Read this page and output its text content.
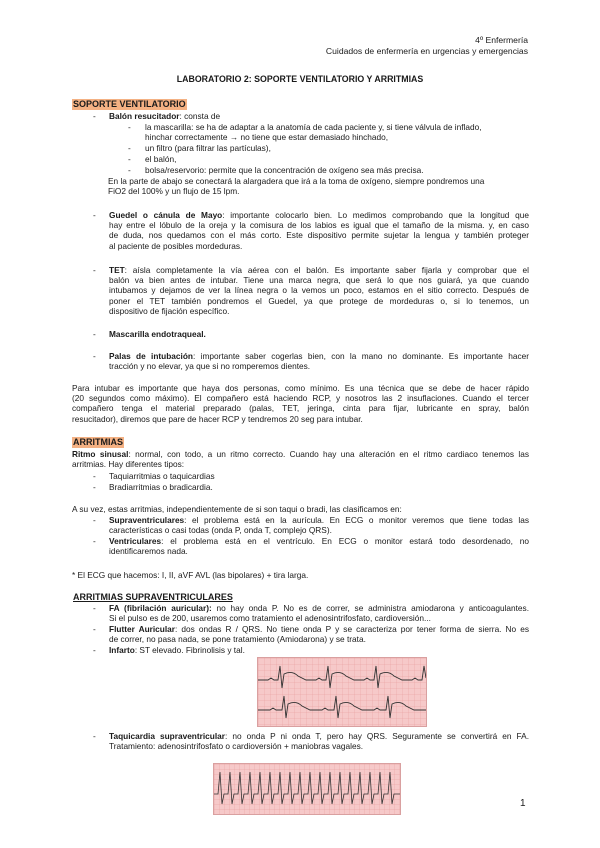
4º Enfermería
Cuidados de enfermería en urgencias y emergencias
LABORATORIO 2: SOPORTE VENTILATORIO Y ARRITMIAS
SOPORTE VENTILATORIO
- Balón resucitador: consta de
- la mascarilla: se ha de adaptar a la anatomía de cada paciente y, si tiene válvula de inflado,
hinchar correctamente → no tiene que estar demasiado hinchado,
- un filtro (para filtrar las partículas),
- el balón,
- bolsa/reservorio: permite que la concentración de oxígeno sea más precisa.
En la parte de abajo se conectará la alargadera que irá a la toma de oxígeno, siempre pondremos una
FiO2 del 100% y un flujo de 15 lpm.
- Guedel o cánula de Mayo: importante colocarlo bien. Lo medimos comprobando que la longitud que
hay entre el lóbulo de la oreja y la comisura de los labios es igual que el tamaño de la misma. y, en caso
de duda, nos quedamos con el más corto. Este dispositivo permite sujetar la lengua y también proteger
al paciente de posibles mordeduras.
- TET: aísla completamente la vía aérea con el balón. Es importante saber fijarla y comprobar que el
balón va bien antes de intubar. Tiene una marca negra, que será lo que nos guiará, ya que cuando
intubamos y dejamos de ver la línea negra o la vemos un poco, estamos en el sitio correcto. Después de
poner el TET también pondremos el Guedel, ya que protege de mordeduras o, si lo tenemos, un
dispositivo de fijación específico.
- Mascarilla endotraqueal.
- Palas de intubación: importante saber cogerlas bien, con la mano no dominante. Es importante hacer
tracción y no elevar, ya que si no romperemos dientes.
Para intubar es importante que haya dos personas, como mínimo. Es una técnica que se debe de hacer rápido
(20 segundos como máximo). El compañero está haciendo RCP, y nosotros las 2 insuflaciones. Cuando el tercer
compañero tenga el material preparado (palas, TET, jeringa, cinta para fijar, lubricante en spray, balón
resucitador), diremos que pare de hacer RCP y tendremos 20 seg para intubar.
ARRITMIAS
Ritmo sinusal: normal, con todo, a un ritmo correcto. Cuando hay una alteración en el ritmo cardiaco tenemos las
arritmias. Hay diferentes tipos:
- Taquiarritmias o taquicardias
- Bradiarritmias o bradicardia.
A su vez, estas arritmias, independientemente de si son taqui o bradi, las clasificamos en:
- Supraventriculares: el problema está en la aurícula. En ECG o monitor veremos que tiene todas las
características o casi todas (onda P, onda T, complejo QRS).
- Ventriculares: el problema está en el ventrículo. En ECG o monitor estará todo desordenado, no
identificaremos nada.
* El ECG que hacemos: I, II, aVF AVL (las bipolares) + tira larga.
ARRITMIAS SUPRAVENTRICULARES
- FA (fibrilación auricular): no hay onda P. No es de correr, se administra amiodarona y anticoagulantes.
Si el pulso es de 200, usaremos como tratamiento el adenosintrifosfato, cardioversión...
- Flutter Auricular: dos ondas R / QRS. No tiene onda P y se caracteriza por tener forma de sierra. No es
de correr, no pasa nada, se pone tratamiento (Amiodarona) y se trata.
- Infarto: ST elevado. Fibrinolisis y tal.
- Taquicardia supraventricular: no onda P ni onda T, pero hay QRS. Seguramente se convertirá en FA.
Tratamiento: adenosintrifosfato o cardioversión + maniobras vagales.
1
